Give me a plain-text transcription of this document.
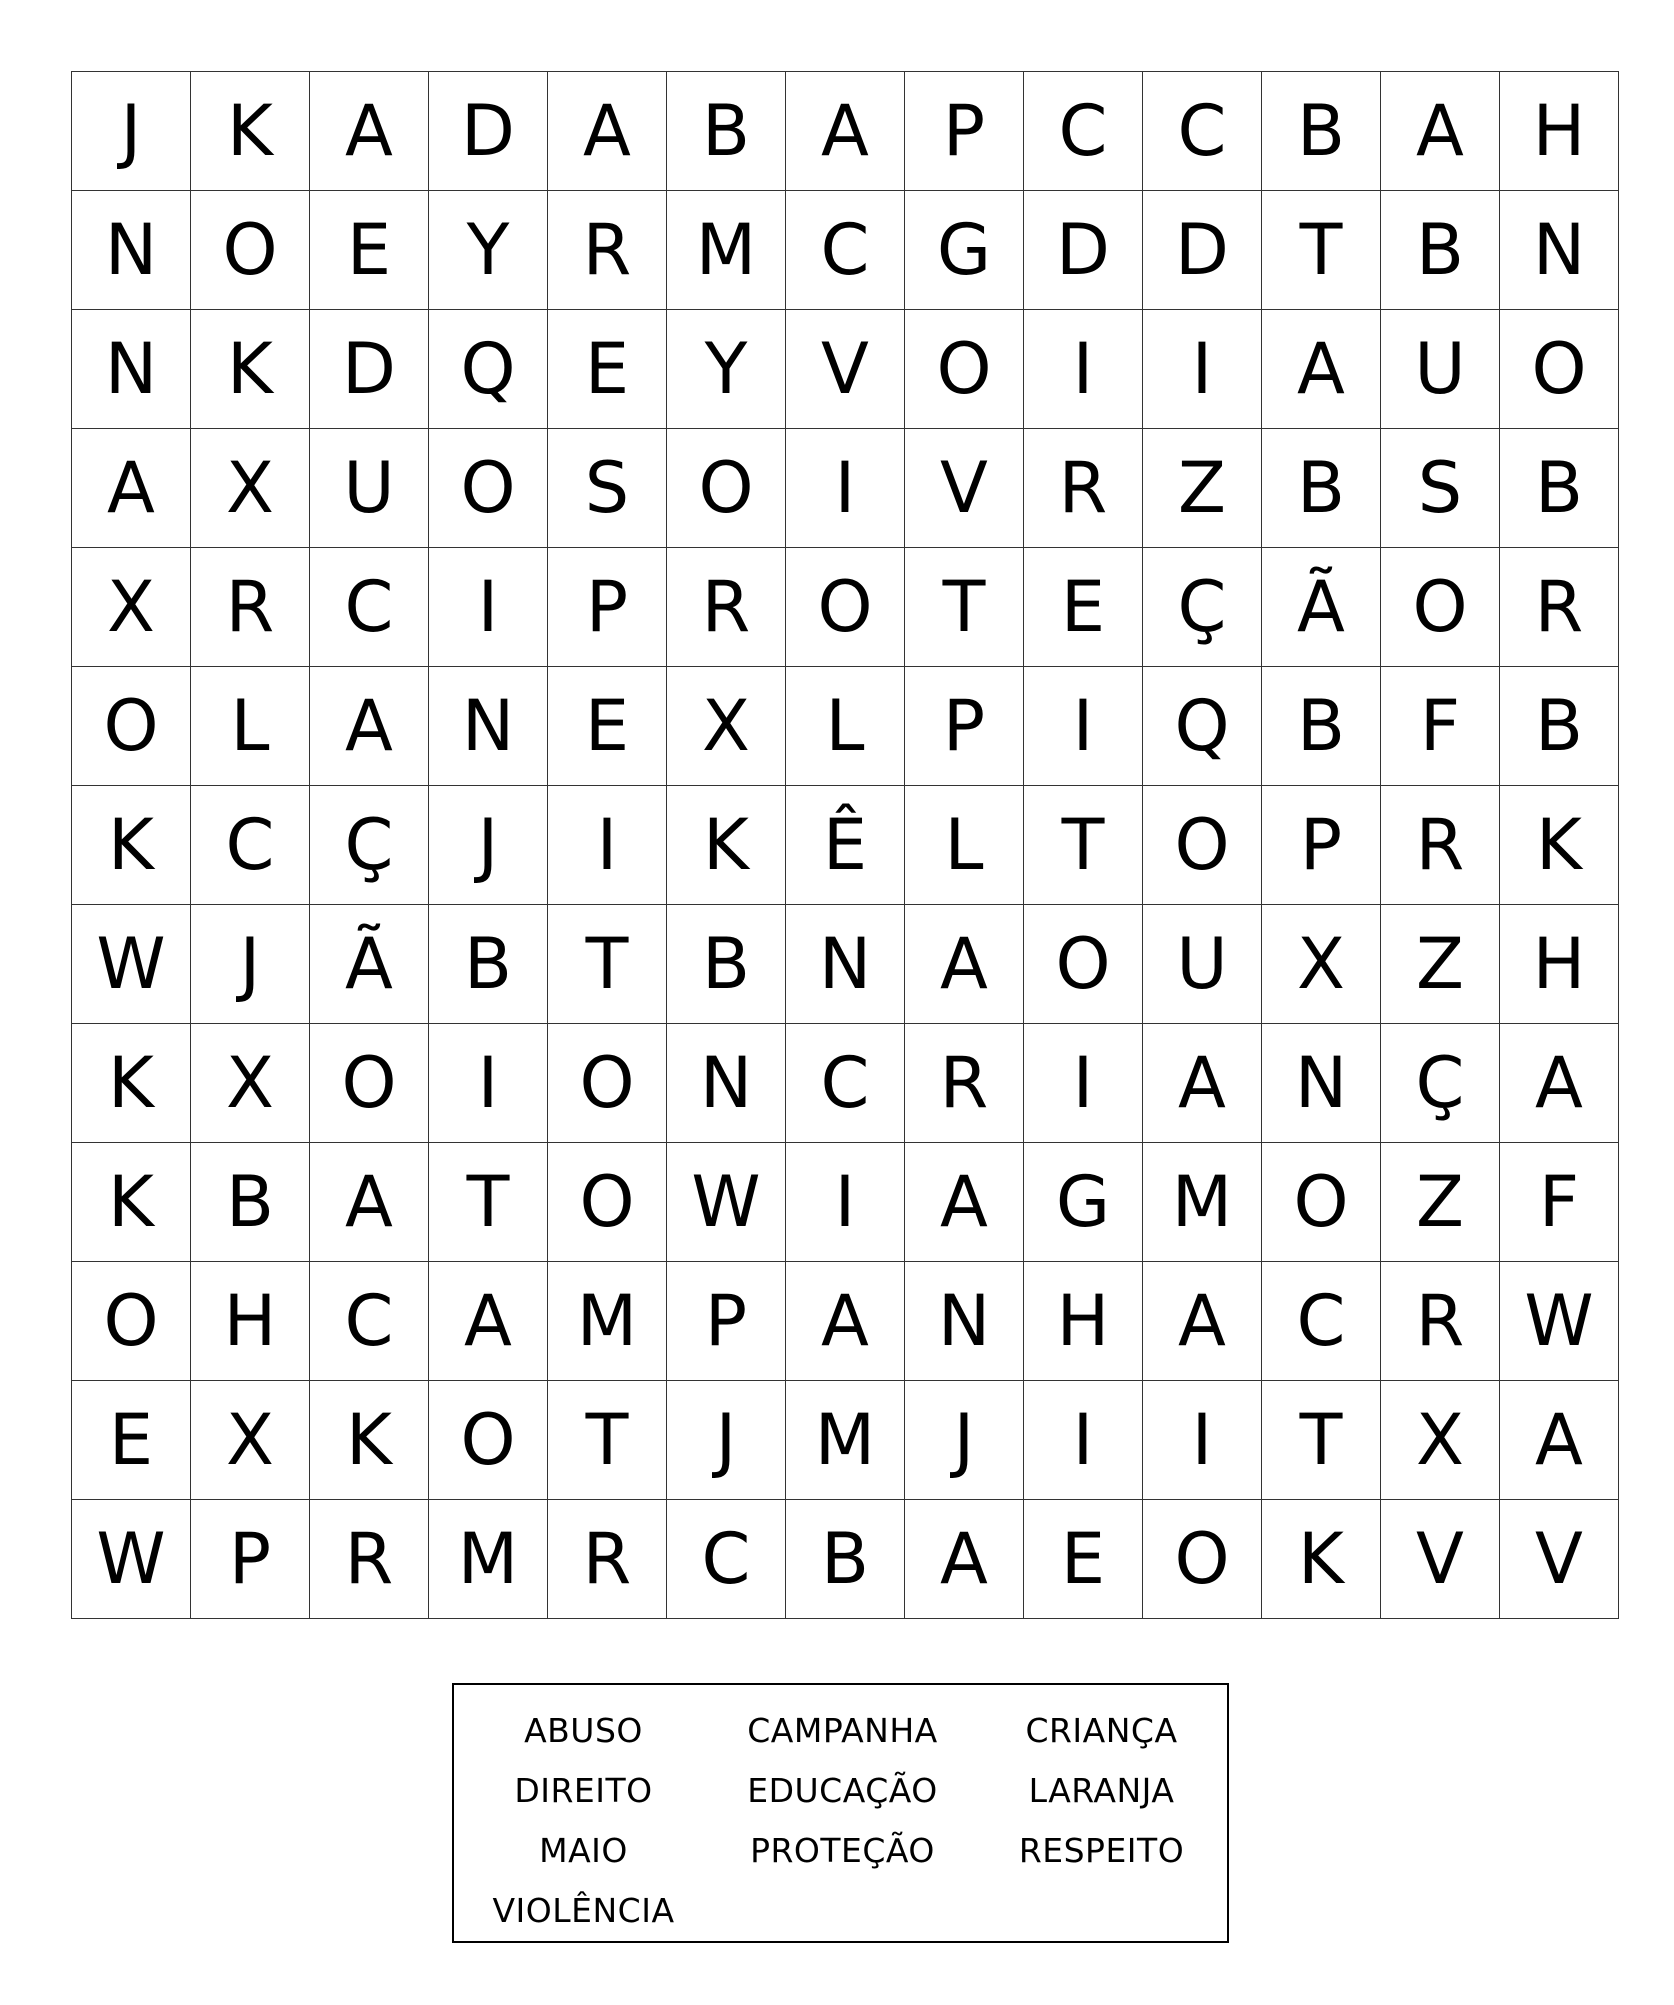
J	K	A	D	A	B	A	P	C	C	B	A	H
N	O	E	Y	R	M	C	G	D	D	T	B	N
N	K	D	Q	E	Y	V	O	I	I	A	U	O
A	X	U	O	S	O	I	V	R	Z	B	S	B
X	R	C	I	P	R	O	T	E	Ç	Ã	O	R
O	L	A	N	E	X	L	P	I	Q	B	F	B
K	C	Ç	J	I	K	Ê	L	T	O	P	R	K
W	J	Ã	B	T	B	N	A	O	U	X	Z	H
K	X	O	I	O	N	C	R	I	A	N	Ç	A
K	B	A	T	O	W	I	A	G	M	O	Z	F
O	H	C	A	M	P	A	N	H	A	C	R	W
E	X	K	O	T	J	M	J	I	I	T	X	A
W	P	R	M	R	C	B	A	E	O	K	V	V
ABUSO
DIREITO
MAIO
VIOLÊNCIA
CAMPANHA
EDUCAÇÃO
PROTEÇÃO
CRIANÇA
LARANJA
RESPEITO
